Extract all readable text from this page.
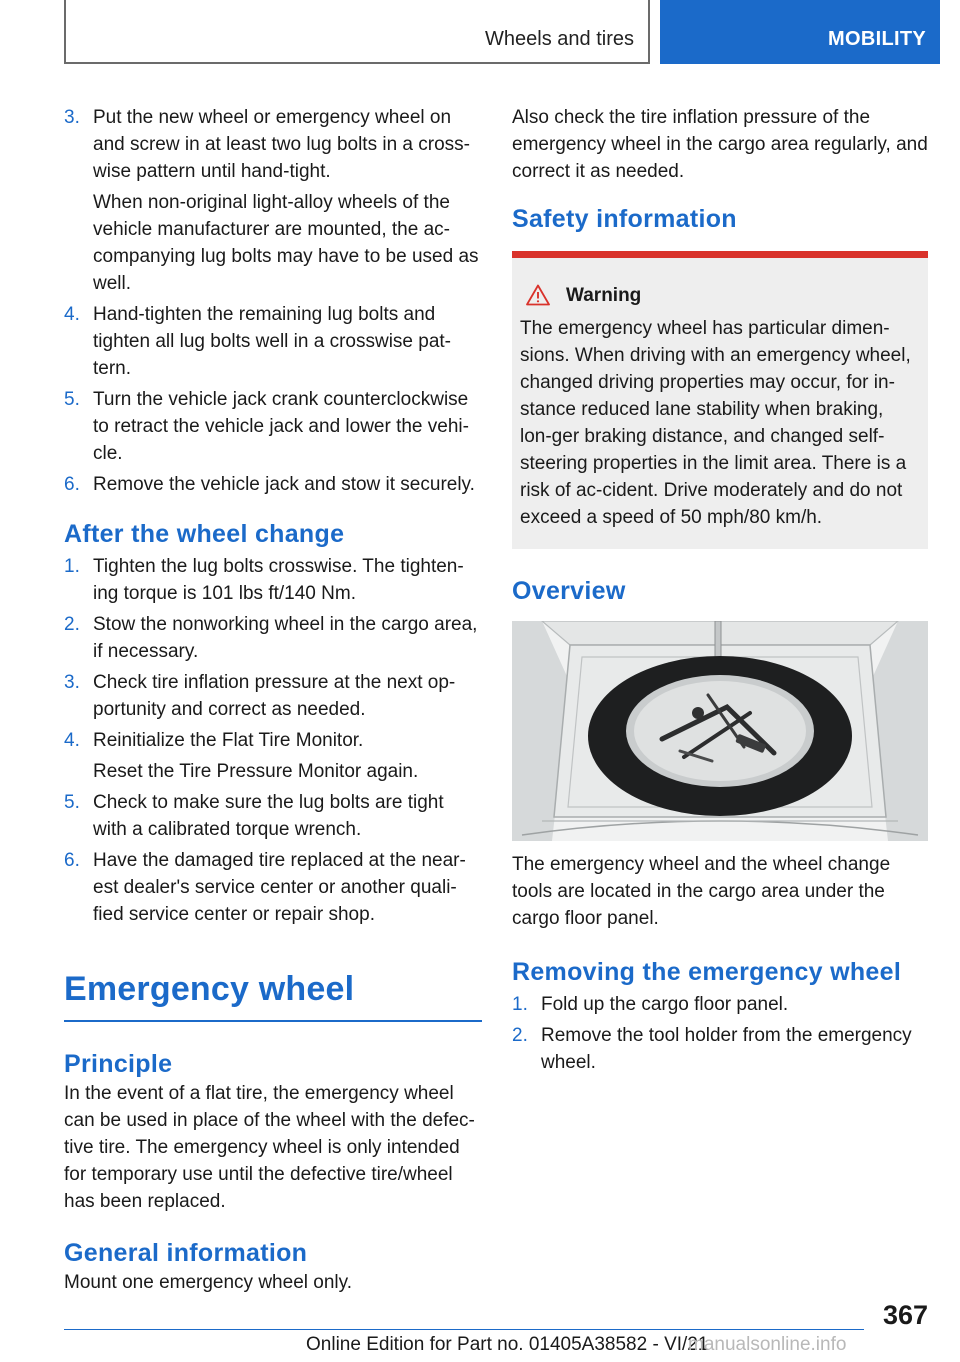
Wheels and tires	MOBILITY
3. Put the new wheel or emergency wheel on and screw in at least two lug bolts in a cross-wise pattern until hand-tight.
When non-original light-alloy wheels of the vehicle manufacturer are mounted, the ac-companying lug bolts may have to be used as well.
4. Hand-tighten the remaining lug bolts and tighten all lug bolts well in a crosswise pat-tern.
5. Turn the vehicle jack crank counterclockwise to retract the vehicle jack and lower the vehi-cle.
6. Remove the vehicle jack and stow it securely.
After the wheel change
1. Tighten the lug bolts crosswise. The tighten-ing torque is 101 lbs ft/140 Nm.
2. Stow the nonworking wheel in the cargo area, if necessary.
3. Check tire inflation pressure at the next op-portunity and correct as needed.
4. Reinitialize the Flat Tire Monitor.
Reset the Tire Pressure Monitor again.
5. Check to make sure the lug bolts are tight with a calibrated torque wrench.
6. Have the damaged tire replaced at the near-est dealer's service center or another quali-fied service center or repair shop.
Emergency wheel
Principle
In the event of a flat tire, the emergency wheel can be used in place of the wheel with the defec-tive tire. The emergency wheel is only intended for temporary use until the defective tire/wheel has been replaced.
General information
Mount one emergency wheel only.
Also check the tire inflation pressure of the emergency wheel in the cargo area regularly, and correct it as needed.
Safety information
Warning
The emergency wheel has particular dimen-sions. When driving with an emergency wheel, changed driving properties may occur, for in-stance reduced lane stability when braking, lon-ger braking distance, and changed self-steering properties in the limit area. There is a risk of ac-cident. Drive moderately and do not exceed a speed of 50 mph/80 km/h.
Overview
The emergency wheel and the wheel change tools are located in the cargo area under the cargo floor panel.
Removing the emergency wheel
1. Fold up the cargo floor panel.
2. Remove the tool holder from the emergency wheel.
367
Online Edition for Part no. 01405A38582 - VI/21
manualsonline.info
